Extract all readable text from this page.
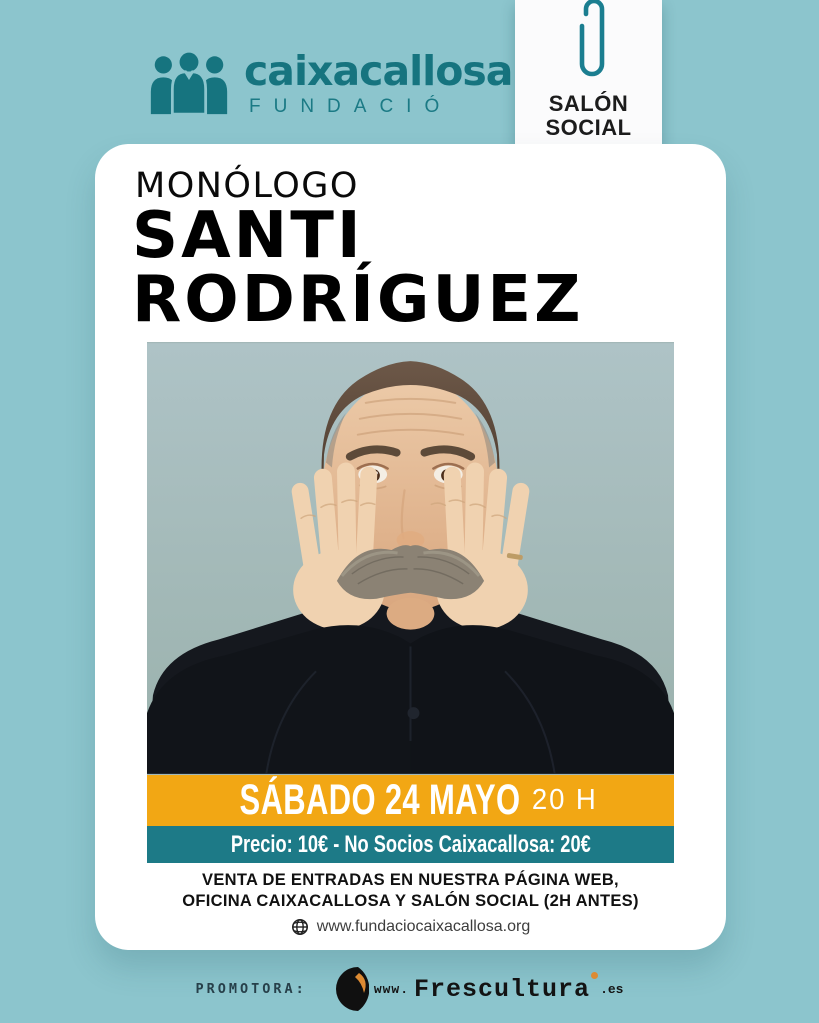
caixacallosa
FUNDACIÓ	SALÓN
SOCIAL
MONÓLOGO
SANTI
RODRÍGUEZ
SÁBADO 24 MAYO 20 H
Precio: 10€ - No Socios Caixacallosa: 20€

VENTA DE ENTRADAS EN NUESTRA PÁGINA WEB,
OFICINA CAIXACALLOSA Y SALÓN SOCIAL (2H ANTES)

www.fundaciocaixacallosa.org
PROMOTORA:	www. Frescultura .es
